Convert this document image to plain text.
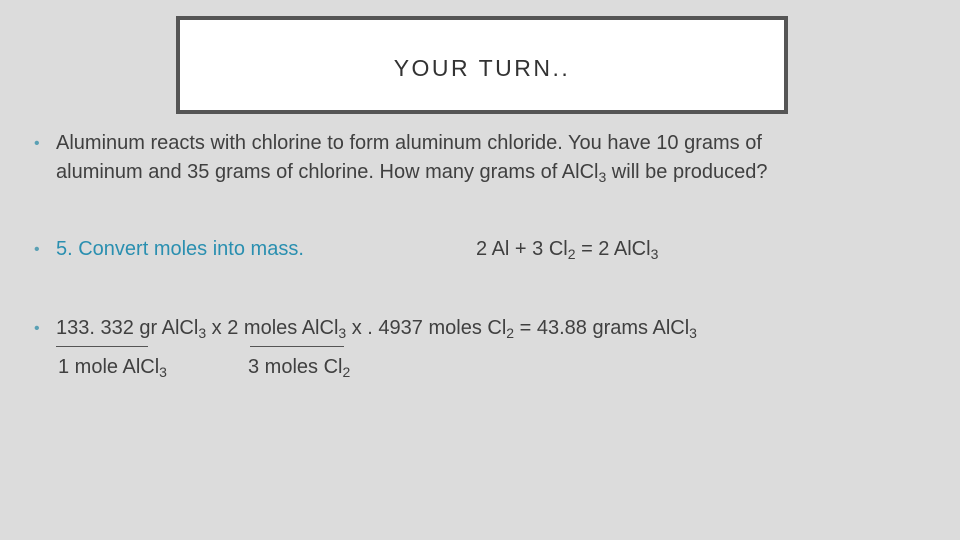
YOUR TURN..
• Aluminum reacts with chlorine to form aluminum chloride. You have 10 grams of
aluminum and 35 grams of chlorine. How many grams of AlCl$_3$ will be produced?
• 5. Convert moles into mass.	2 Al + 3 $Cl_2 = 2$ AlCl$_3$
• 133. 332 gr AlCl$_3$ x 2 moles AlCl$_3$ x . 4937 moles $Cl_2 = 43.88$ grams AlCl$_3$
1 mole AlCl$_3$	3 moles $Cl_2$
